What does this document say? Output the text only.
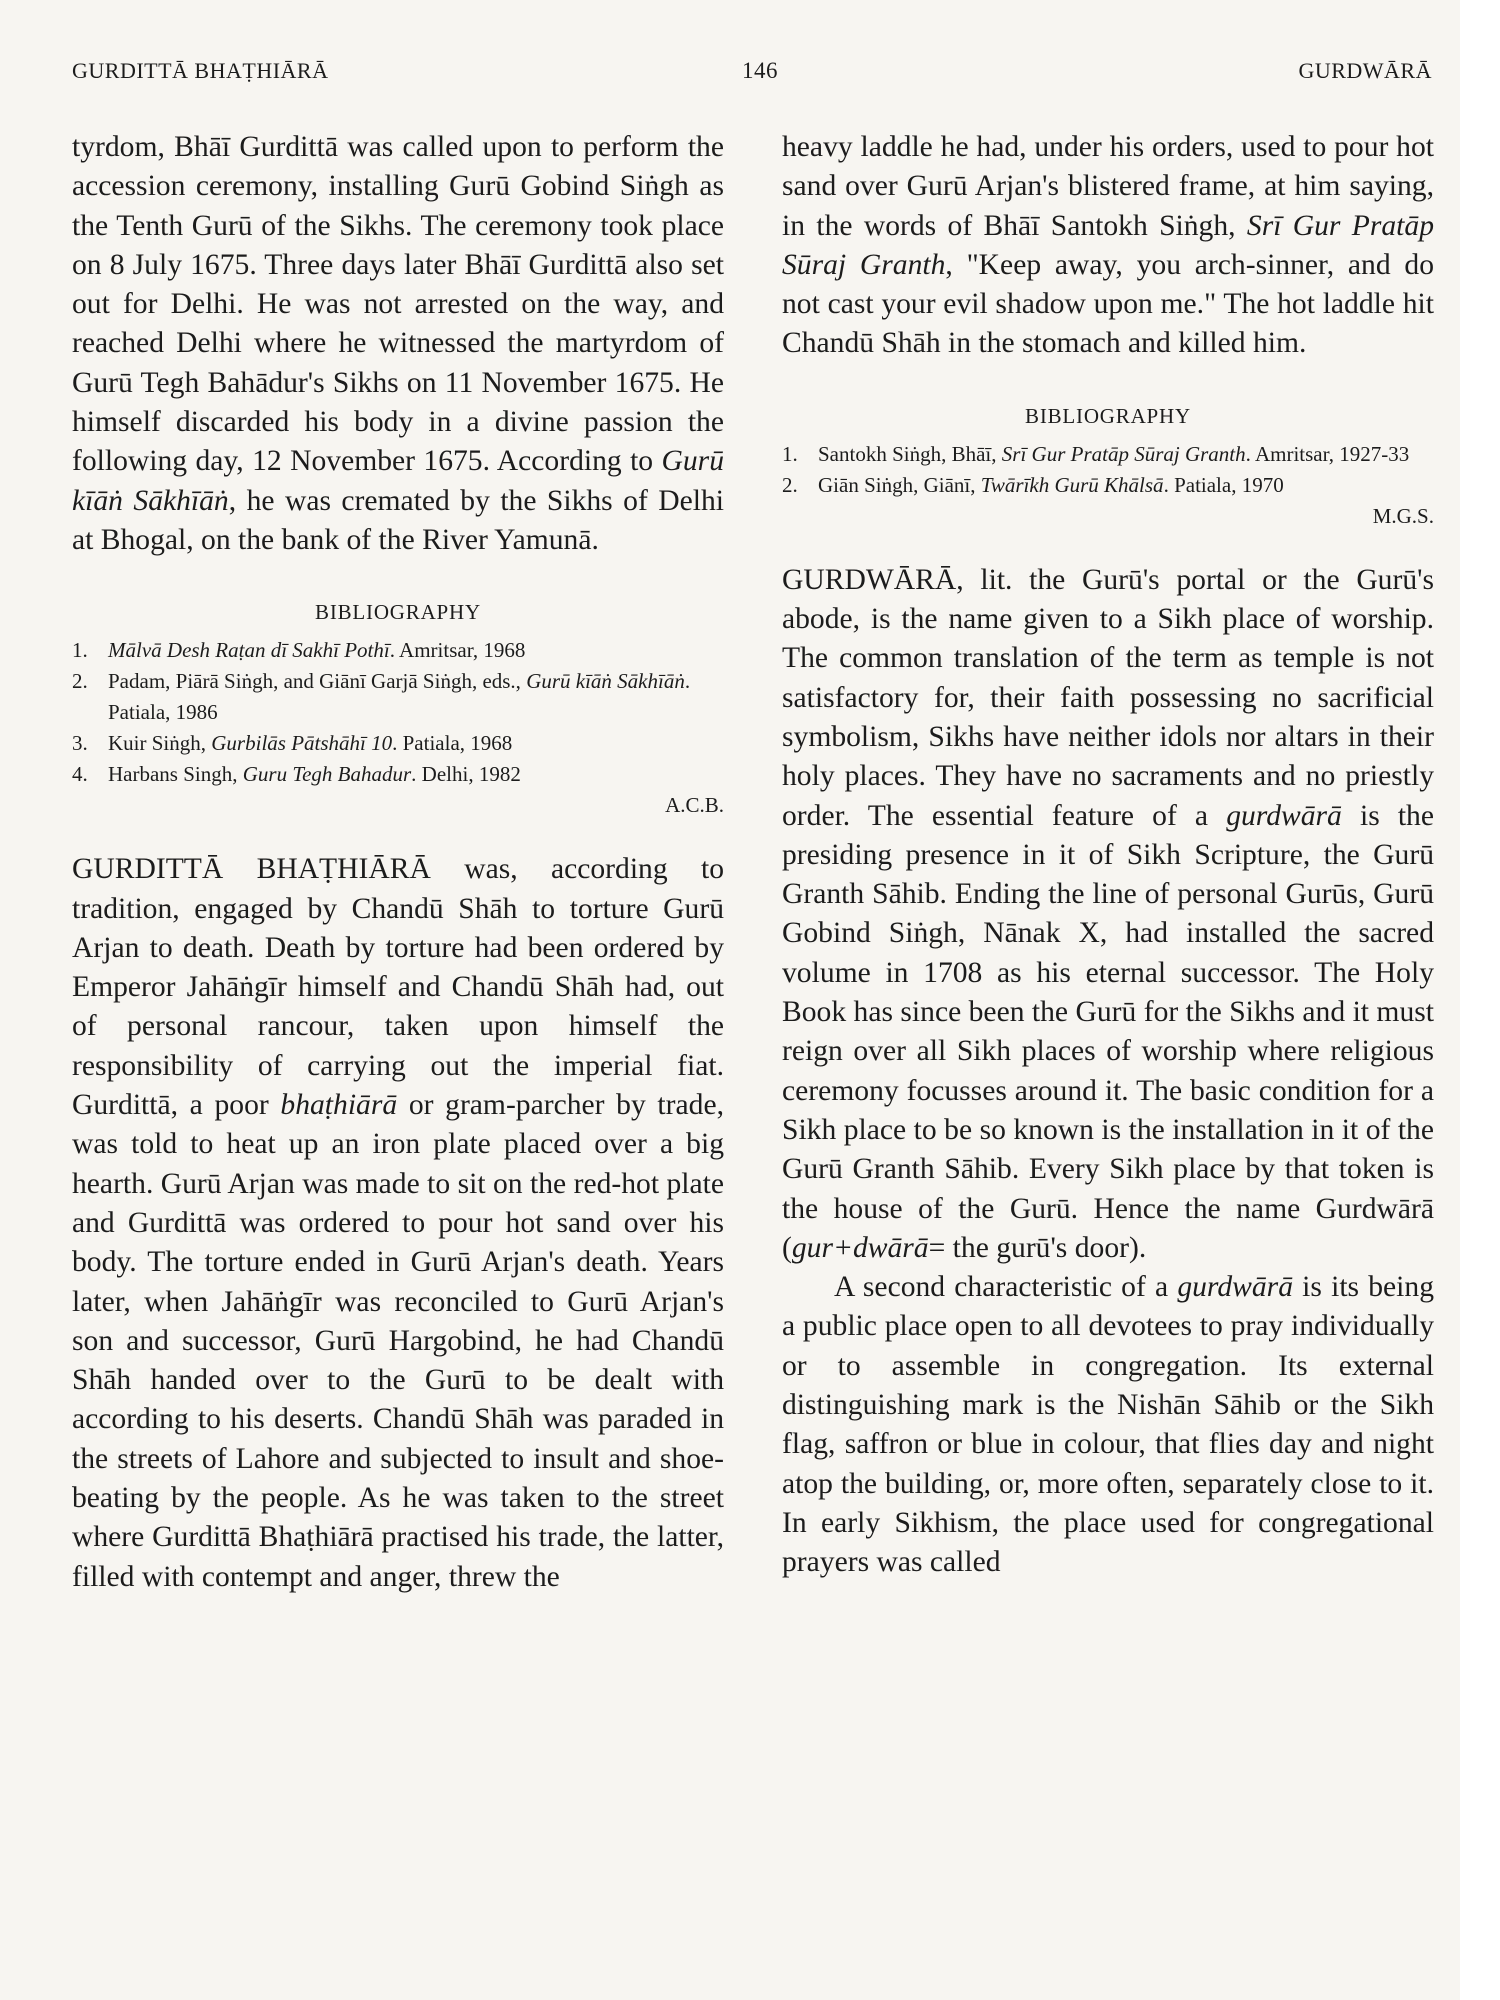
GURDITTĀ BHAṬHIĀRĀ	146	GURDWĀRĀ

tyrdom, Bhāī Gurdittā was called upon to perform the accession ceremony, installing Gurū Gobind Siṅgh as the Tenth Gurū of the Sikhs. The ceremony took place on 8 July 1675. Three days later Bhāī Gurdittā also set out for Delhi. He was not arrested on the way, and reached Delhi where he witnessed the martyrdom of Gurū Tegh Bahādur's Sikhs on 11 November 1675. He himself discarded his body in a divine passion the following day, 12 November 1675. According to Gurū kīāṅ Sākhīāṅ, he was cremated by the Sikhs of Delhi at Bhogal, on the bank of the River Yamunā.

BIBLIOGRAPHY

1. Mālvā Desh Raṭan dī Sakhī Pothī. Amritsar, 1968
2. Padam, Piārā Siṅgh, and Giānī Garjā Siṅgh, eds., Gurū kīāṅ Sākhīāṅ. Patiala, 1986
3. Kuir Siṅgh, Gurbilās Pātshāhī 10. Patiala, 1968
4. Harbans Singh, Guru Tegh Bahadur. Delhi, 1982

A.C.B.

GURDITTĀ BHAṬHIĀRĀ was, according to tradition, engaged by Chandū Shāh to torture Gurū Arjan to death. Death by torture had been ordered by Emperor Jahāṅgīr himself and Chandū Shāh had, out of personal rancour, taken upon himself the responsibility of carrying out the imperial fiat. Gurdittā, a poor bhaṭhiārā or gram-parcher by trade, was told to heat up an iron plate placed over a big hearth. Gurū Arjan was made to sit on the red-hot plate and Gurdittā was ordered to pour hot sand over his body. The torture ended in Gurū Arjan's death. Years later, when Jahāṅgīr was reconciled to Gurū Arjan's son and successor, Gurū Hargobind, he had Chandū Shāh handed over to the Gurū to be dealt with according to his deserts. Chandū Shāh was paraded in the streets of Lahore and subjected to insult and shoe-beating by the people. As he was taken to the street where Gurdittā Bhaṭhiārā practised his trade, the latter, filled with contempt and anger, threw the

heavy laddle he had, under his orders, used to pour hot sand over Gurū Arjan's blistered frame, at him saying, in the words of Bhāī Santokh Siṅgh, Srī Gur Pratāp Sūraj Granth, "Keep away, you arch-sinner, and do not cast your evil shadow upon me." The hot laddle hit Chandū Shāh in the stomach and killed him.

BIBLIOGRAPHY

1. Santokh Siṅgh, Bhāī, Srī Gur Pratāp Sūraj Granth. Amritsar, 1927-33
2. Giān Siṅgh, Giānī, Twārīkh Gurū Khālsā. Patiala, 1970

M.G.S.

GURDWĀRĀ, lit. the Gurū's portal or the Gurū's abode, is the name given to a Sikh place of worship. The common translation of the term as temple is not satisfactory for, their faith possessing no sacrificial symbolism, Sikhs have neither idols nor altars in their holy places. They have no sacraments and no priestly order. The essential feature of a gurdwārā is the presiding presence in it of Sikh Scripture, the Gurū Granth Sāhib. Ending the line of personal Gurūs, Gurū Gobind Siṅgh, Nānak X, had installed the sacred volume in 1708 as his eternal successor. The Holy Book has since been the Gurū for the Sikhs and it must reign over all Sikh places of worship where religious ceremony focusses around it. The basic condition for a Sikh place to be so known is the installation in it of the Gurū Granth Sāhib. Every Sikh place by that token is the house of the Gurū. Hence the name Gurdwārā (gur+dwārā= the gurū's door).

A second characteristic of a gurdwārā is its being a public place open to all devotees to pray individually or to assemble in congregation. Its external distinguishing mark is the Nishān Sāhib or the Sikh flag, saffron or blue in colour, that flies day and night atop the building, or, more often, separately close to it. In early Sikhism, the place used for congregational prayers was called
